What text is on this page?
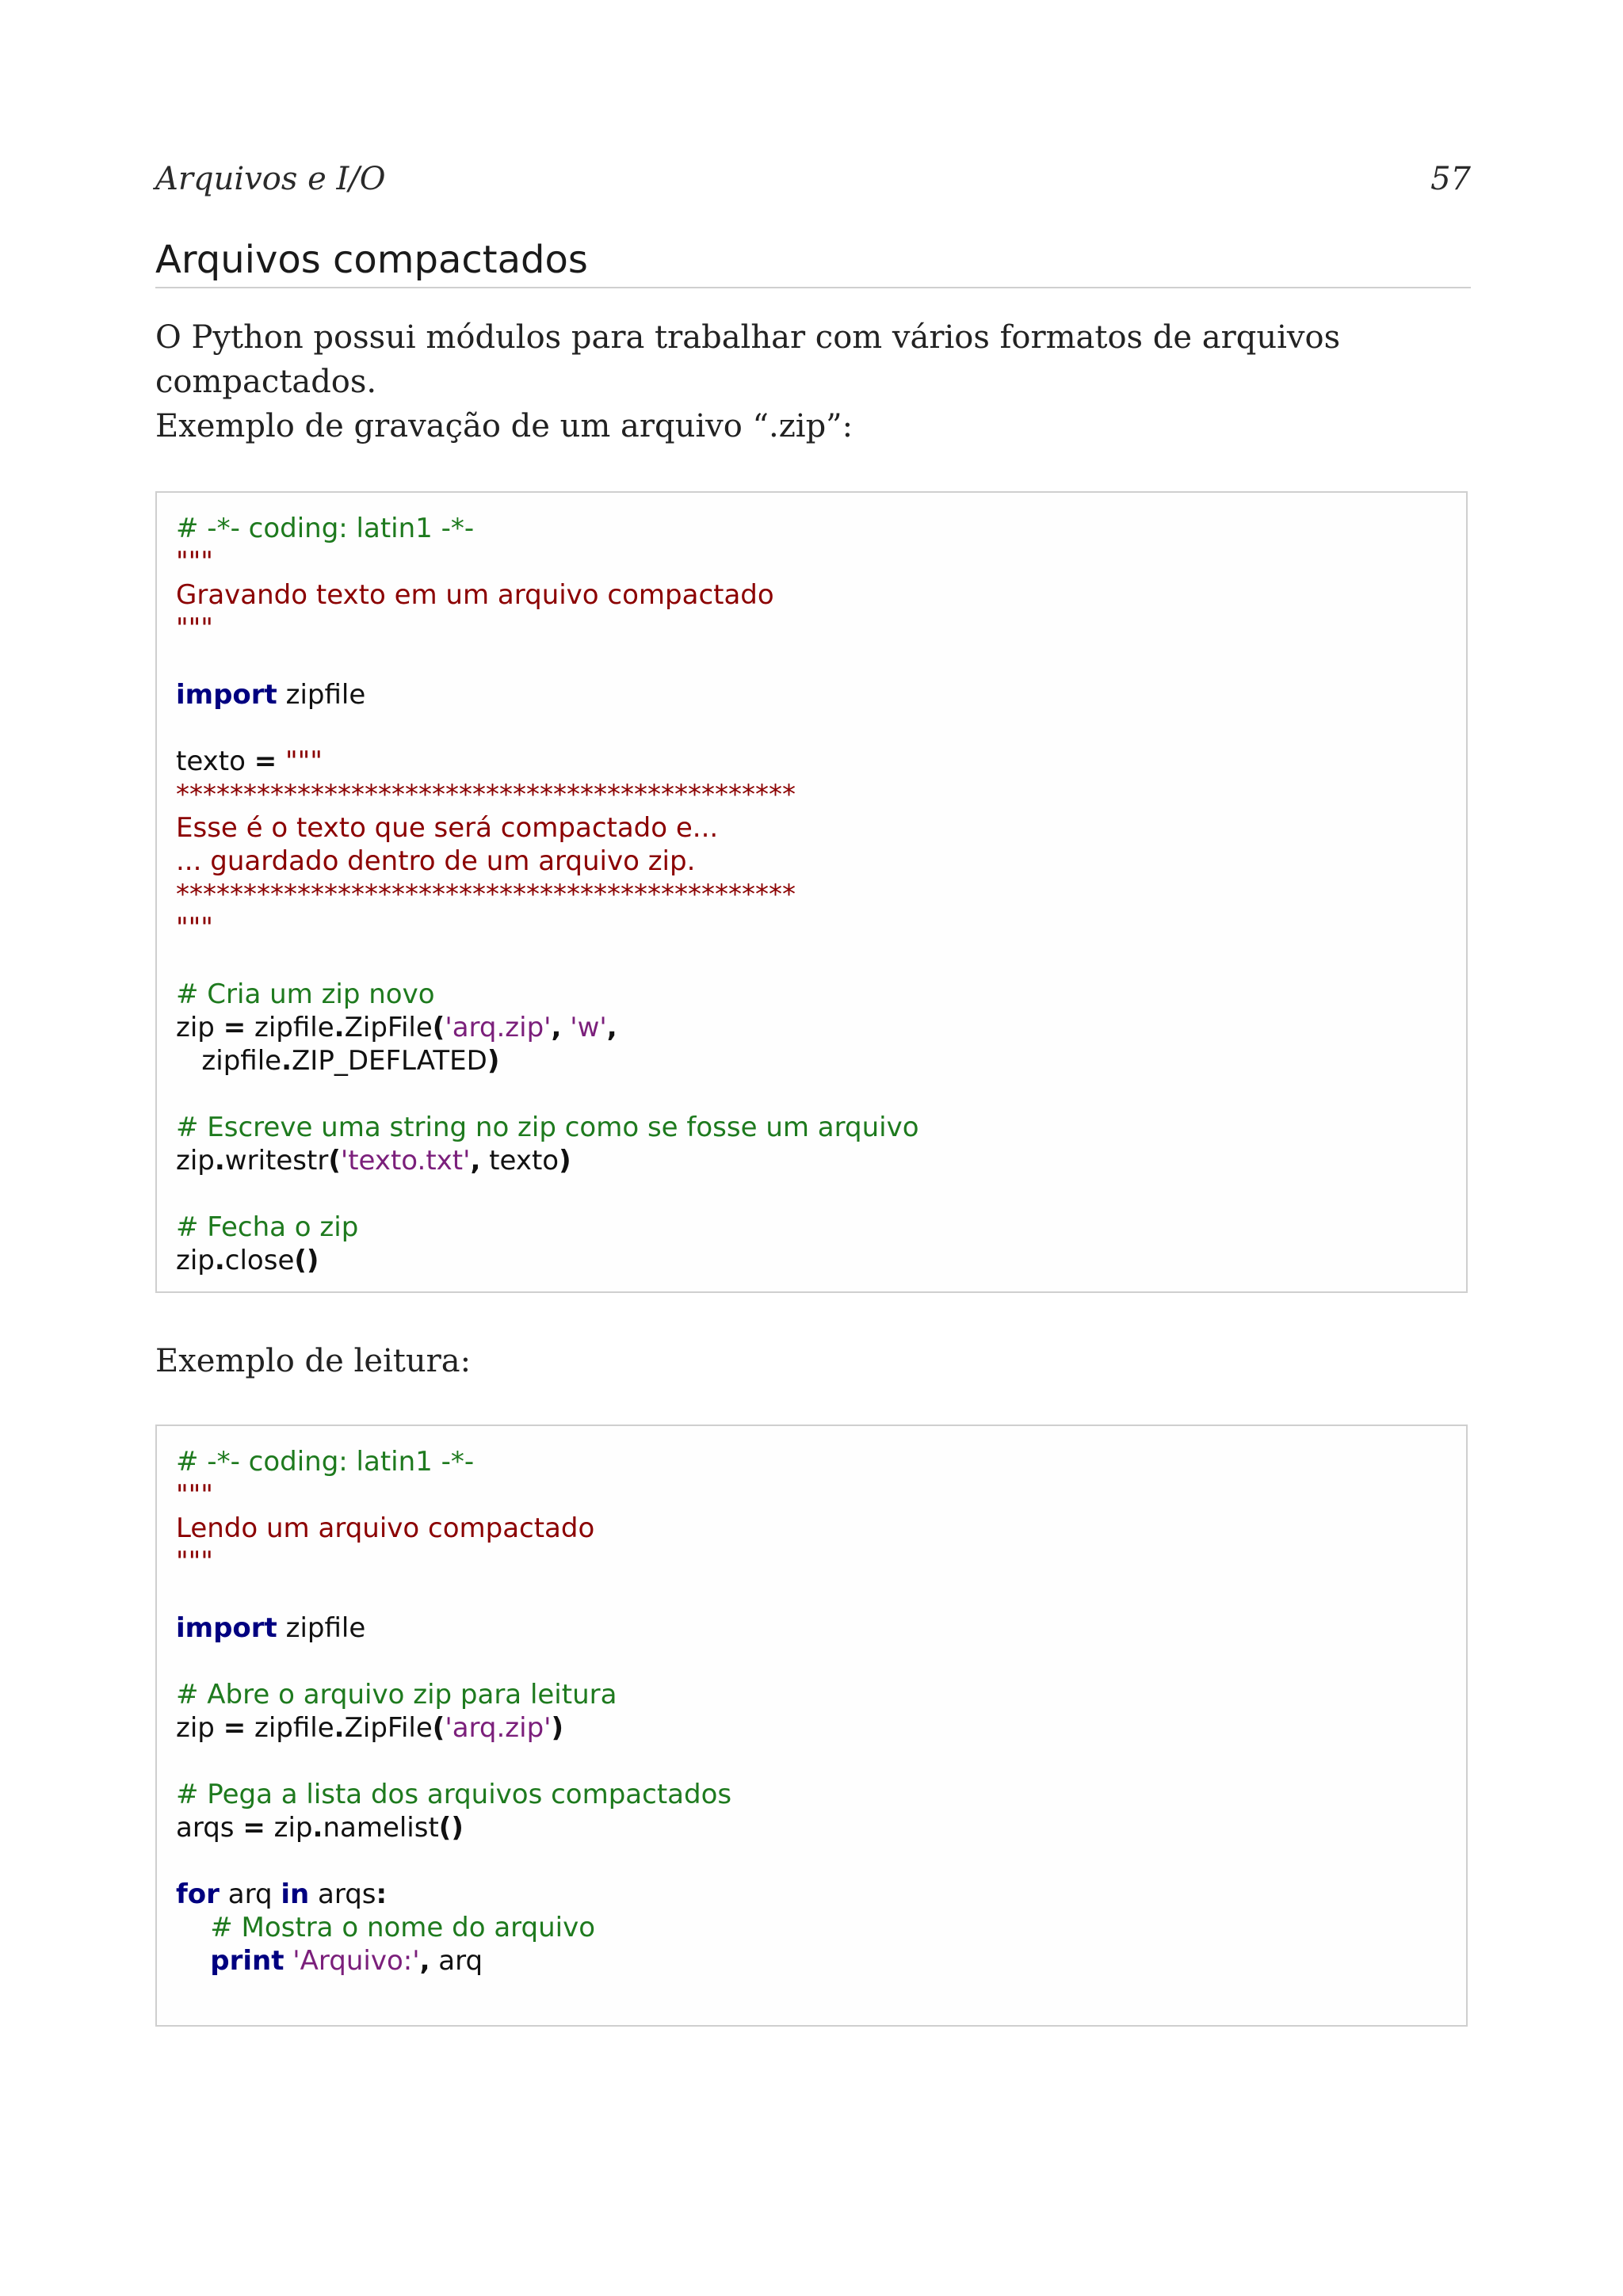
Arquivos e I/O	57
Arquivos compactados

O Python possui módulos para trabalhar com vários formatos de arquivos compactados.

Exemplo de gravação de um arquivo “.zip”:

# -*- coding: latin1 -*-
"""
Gravando texto em um arquivo compactado
"""

import zipfile

texto = """
**********************************************
Esse é o texto que será compactado e...
... guardado dentro de um arquivo zip.
**********************************************
"""

# Cria um zip novo
zip = zipfile.ZipFile('arq.zip', 'w',
zipfile.ZIP_DEFLATED)

# Escreve uma string no zip como se fosse um arquivo
zip.writestr('texto.txt', texto)

# Fecha o zip
zip.close()

Exemplo de leitura:

# -*- coding: latin1 -*-
"""
Lendo um arquivo compactado
"""

import zipfile

# Abre o arquivo zip para leitura
zip = zipfile.ZipFile('arq.zip')

# Pega a lista dos arquivos compactados
arqs = zip.namelist()

for arq in arqs:
# Mostra o nome do arquivo
print 'Arquivo:', arq
